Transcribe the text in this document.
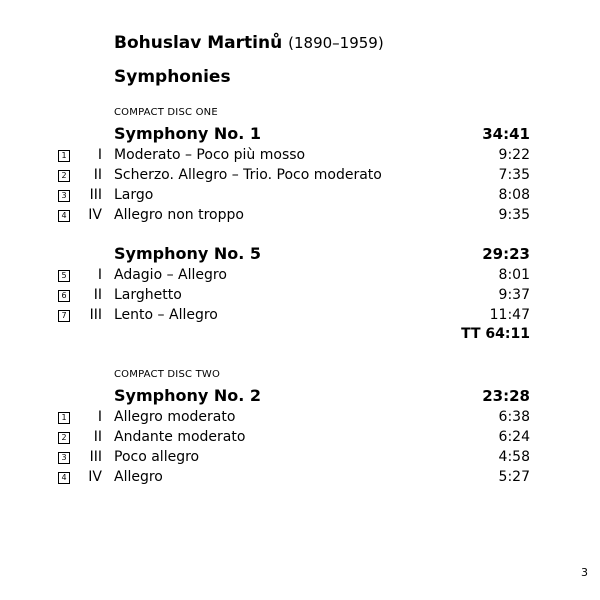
Bohuslav Martinů (1890–1959)
Symphonies
COMPACT DISC ONE
Symphony No. 1	34:41
1 I Moderato – Poco più mosso	9:22
2 II Scherzo. Allegro – Trio. Poco moderato	7:35
3 III Largo	8:08
4 IV Allegro non troppo	9:35
Symphony No. 5	29:23
5 I Adagio – Allegro	8:01
6 II Larghetto	9:37
7 III Lento – Allegro	11:47
TT 64:11
COMPACT DISC TWO
Symphony No. 2	23:28
1 I Allegro moderato	6:38
2 II Andante moderato	6:24
3 III Poco allegro	4:58
4 IV Allegro	5:27
3
